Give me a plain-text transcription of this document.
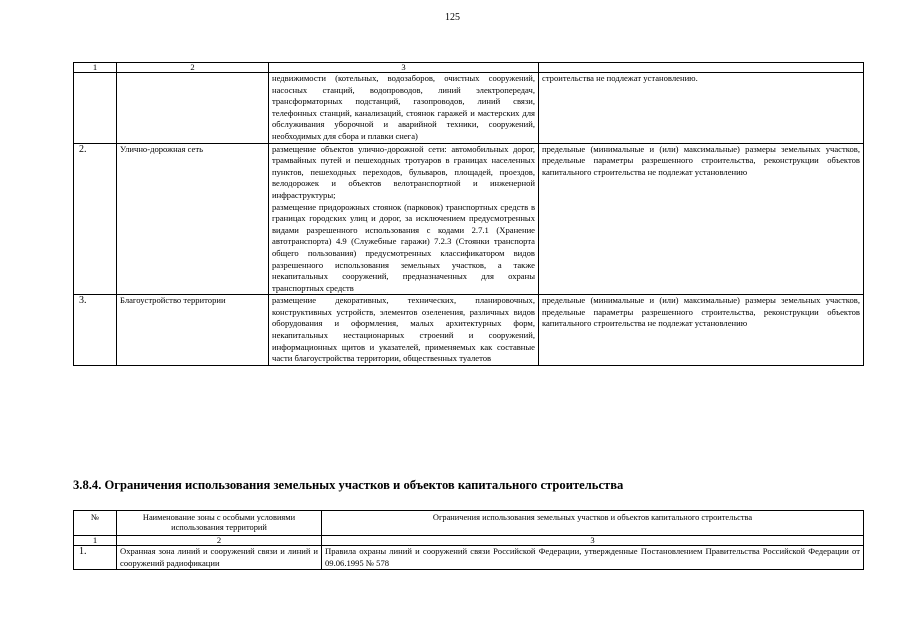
125
1	2	3	
		недвижимости (котельных, водозаборов, очистных сооружений, насосных станций, водопроводов, линий электропередач, трансформаторных подстанций, газопроводов, линий связи, телефонных станций, канализаций, стоянок гаражей и мастерских для обслуживания уборочной и аварийной техники, сооружений, необходимых для сбора и плавки снега)	строительства не подлежат установлению.
2.	Улично-дорожная сеть	размещение объектов улично-дорожной сети: автомобильных дорог, трамвайных путей и пешеходных тротуаров в границах населенных пунктов, пешеходных переходов, бульваров, площадей, проездов, велодорожек и объектов велотранспортной и инженерной инфраструктуры;
размещение придорожных стоянок (парковок) транспортных средств в границах городских улиц и дорог, за исключением предусмотренных видами разрешенного использования с кодами 2.7.1 (Хранение автотранспорта) 4.9 (Служебные гаражи) 7.2.3 (Стоянки транспорта общего пользования) предусмотренных классификатором видов разрешенного использования земельных участков, а также некапитальных сооружений, предназначенных для охраны транспортных средств	предельные (минимальные и (или) максимальные) размеры земельных участков, предельные параметры разрешенного строительства, реконструкции объектов капитального строительства не подлежат установлению
3.	Благоустройство территории	размещение декоративных, технических, планировочных, конструктивных устройств, элементов озеленения, различных видов оборудования и оформления, малых архитектурных форм, некапитальных нестационарных строений и сооружений, информационных щитов и указателей, применяемых как составные части благоустройства территории, общественных туалетов	предельные (минимальные и (или) максимальные) размеры земельных участков, предельные параметры разрешенного строительства, реконструкции объектов капитального строительства не подлежат установлению
3.8.4. Ограничения использования земельных участков и объектов капитального строительства
№	Наименование зоны с особыми условиями использования территорий	Ограничения использования земельных участков и объектов капитального строительства
1	2	3
1.	Охранная зона линий и сооружений связи и линий и сооружений радиофикации	Правила охраны линий и сооружений связи Российской Федерации, утвержденные Постановлением Правительства Российской Федерации от 09.06.1995 № 578
